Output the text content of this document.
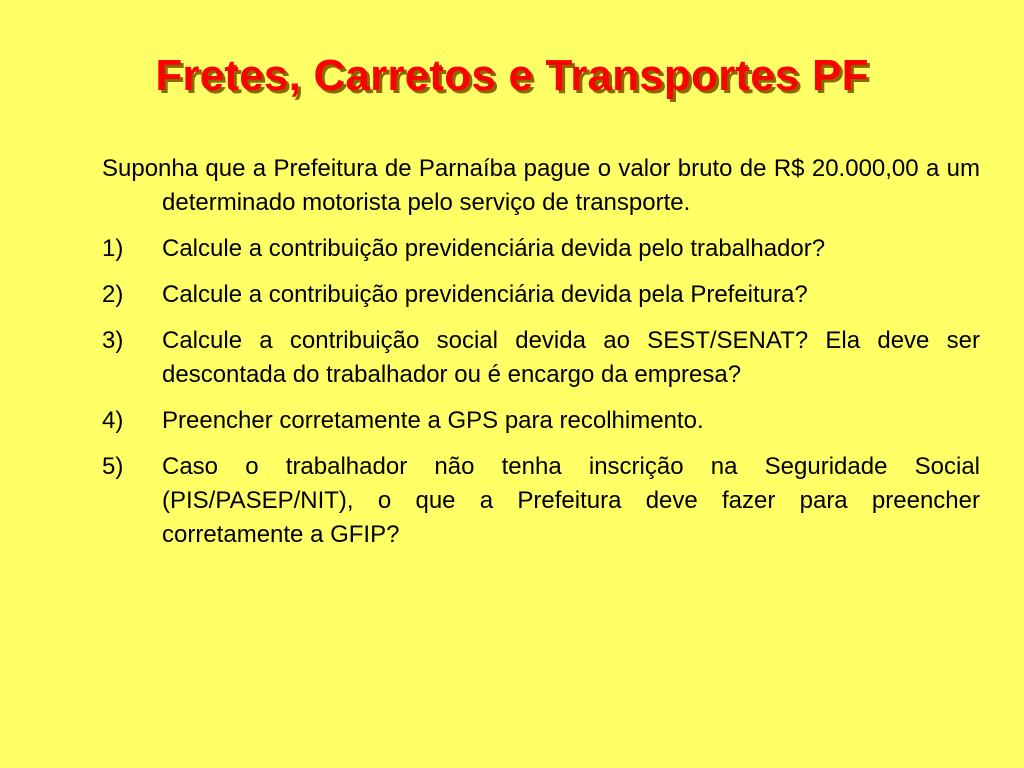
Fretes, Carretos e Transportes PF

Suponha que a Prefeitura de Parnaíba pague o valor bruto de R$ 20.000,00 a um determinado motorista pelo serviço de transporte.

1)	Calcule a contribuição previdenciária devida pelo trabalhador?
2)	Calcule a contribuição previdenciária devida pela Prefeitura?
3)	Calcule a contribuição social devida ao SEST/SENAT? Ela deve ser descontada do trabalhador ou é encargo da empresa?
4)	Preencher corretamente a GPS para recolhimento.
5)	Caso o trabalhador não tenha inscrição na Seguridade Social (PIS/PASEP/NIT), o que a Prefeitura deve fazer para preencher corretamente a GFIP?
